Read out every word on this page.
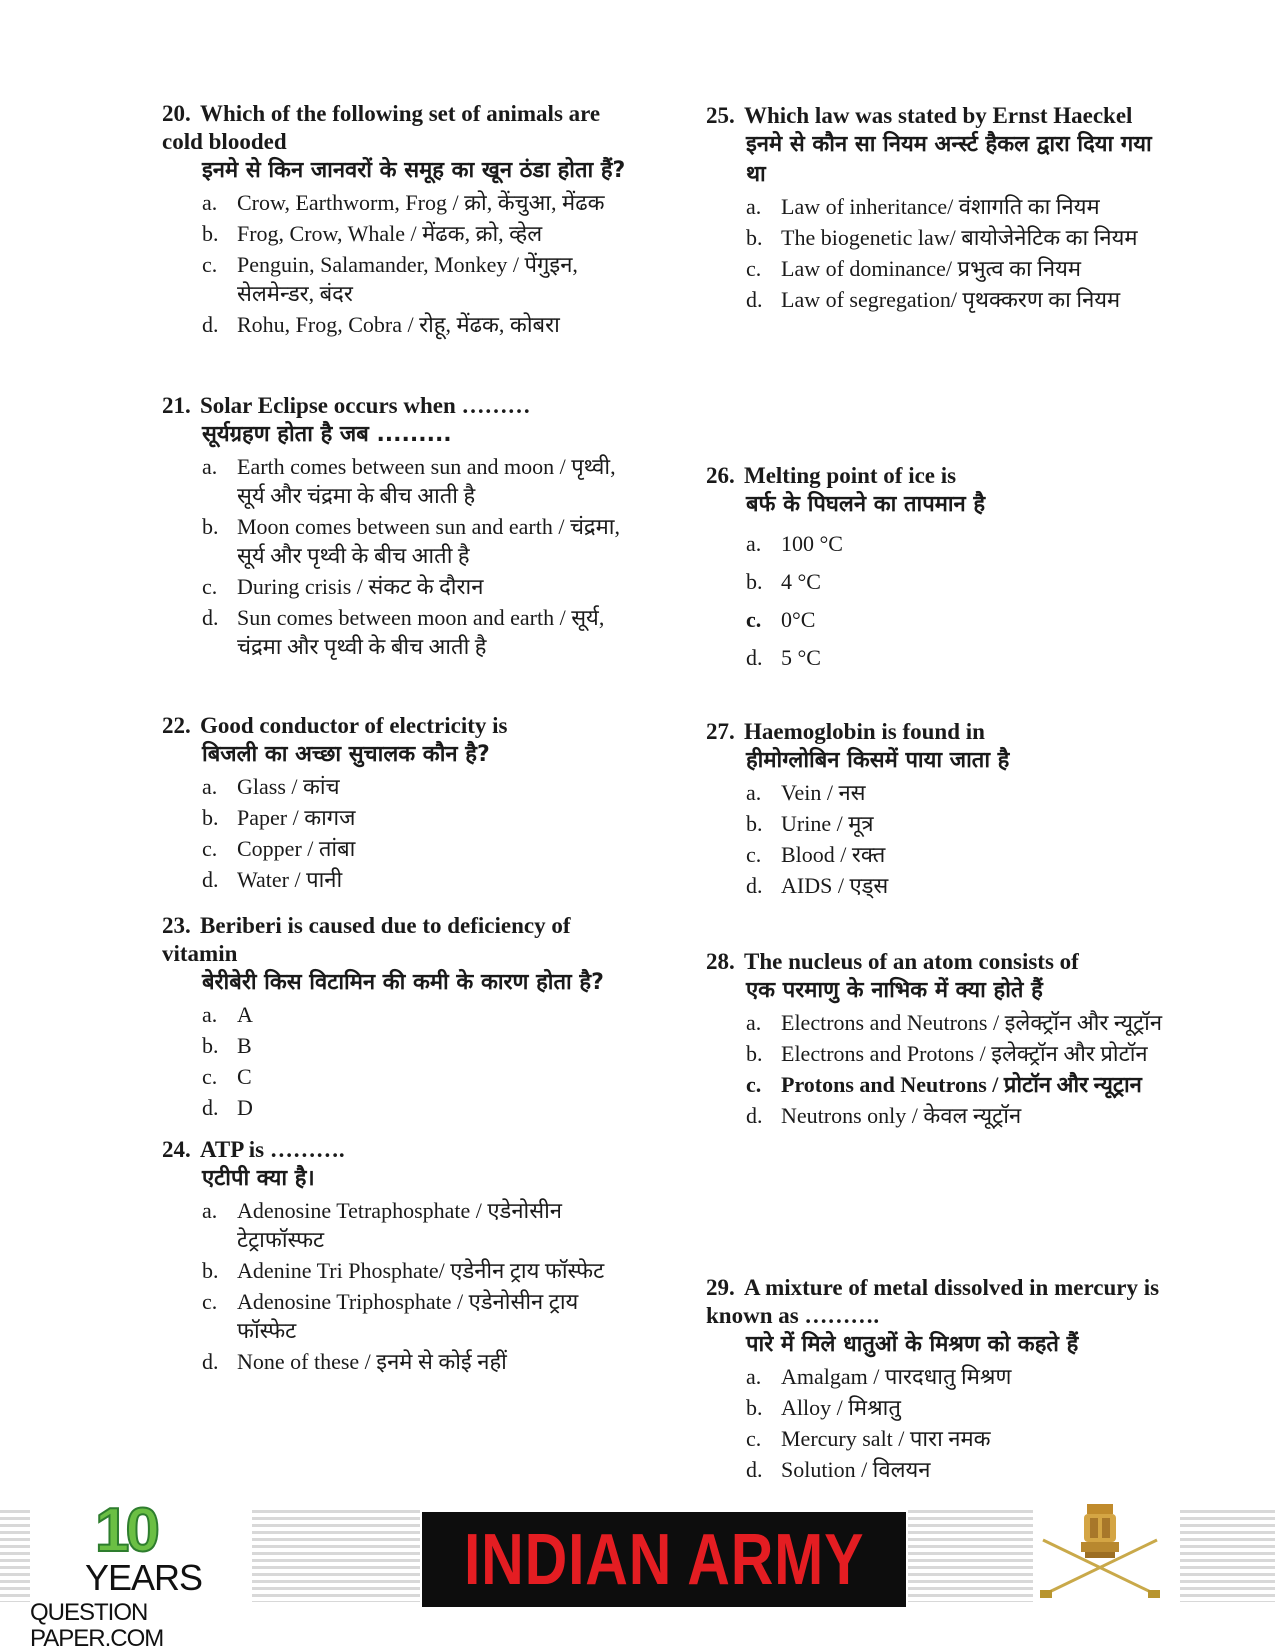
20. Which of the following set of animals are cold blooded
इनमे से किन जानवरों के समूह का खून ठंडा होता हैं?
a. Crow, Earthworm, Frog / क्रो, केंचुआ, मेंढक
b. Frog, Crow, Whale / मेंढक, क्रो, व्हेल
c. Penguin, Salamander, Monkey / पेंगुइन, सेलमेन्डर, बंदर
d. Rohu, Frog, Cobra / रोहू, मेंढक, कोबरा
21. Solar Eclipse occurs when ………
सूर्यग्रहण होता है जब .........
a. Earth comes between sun and moon / पृथ्वी, सूर्य और चंद्रमा के बीच आती है
b. Moon comes between sun and earth / चंद्रमा, सूर्य और पृथ्वी के बीच आती है
c. During crisis / संकट के दौरान
d. Sun comes between moon and earth / सूर्य, चंद्रमा और पृथ्वी के बीच आती है
22. Good conductor of electricity is
बिजली का अच्छा सुचालक कौन है?
a. Glass / कांच
b. Paper / कागज
c. Copper / तांबा
d. Water / पानी
23. Beriberi is caused due to deficiency of vitamin
बेरीबेरी किस विटामिन की कमी के कारण होता है?
a. A
b. B
c. C
d. D
24. ATP is ……….
एटीपी क्या है।
a. Adenosine Tetraphosphate / एडेनोसीन टेट्राफॉस्फट
b. Adenine Tri Phosphate/ एडेनीन ट्राय फॉस्फेट
c. Adenosine Triphosphate / एडेनोसीन ट्राय फॉस्फेट
d. None of these / इनमे से कोई नहीं
25. Which law was stated by Ernst Haeckel
इनमे से कौन सा नियम अर्न्स्ट हैकल द्वारा दिया गया था
a. Law of inheritance/ वंशागति का नियम
b. The biogenetic law/ बायोजेनेटिक का नियम
c. Law of dominance/ प्रभुत्व का नियम
d. Law of segregation/ पृथक्करण का नियम
26. Melting point of ice is
बर्फ के पिघलने का तापमान है
a. 100 °C
b. 4 °C
c. 0°C
d. 5 °C
27. Haemoglobin is found in
हीमोग्लोबिन किसमें पाया जाता है
a. Vein / नस
b. Urine / मूत्र
c. Blood / रक्त
d. AIDS / एड्स
28. The nucleus of an atom consists of
एक परमाणु के नाभिक में क्या होते हैं
a. Electrons and Neutrons / इलेक्ट्रॉन और न्यूट्रॉन
b. Electrons and Protons / इलेक्ट्रॉन और प्रोटॉन
c. Protons and Neutrons / प्रोटॉन और न्यूट्रान
d. Neutrons only / केवल न्यूट्रॉन
29. A mixture of metal dissolved in mercury is known as ……….
पारे में मिले धातुओं के मिश्रण को कहते हैं
a. Amalgam / पारदधातु मिश्रण
b. Alloy / मिश्रातु
c. Mercury salt / पारा नमक
d. Solution / विलयन
10
YEARS
QUESTION PAPER.COM
INDIAN ARMY
